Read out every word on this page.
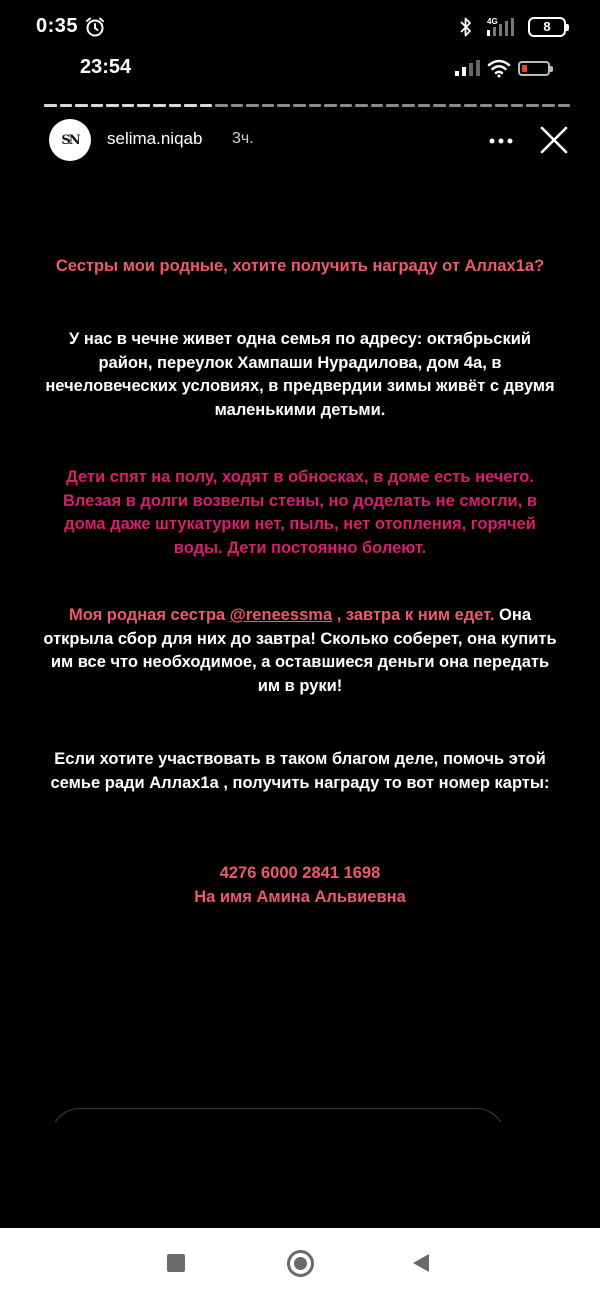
0:35	4G	8
23:54
SN selima.niqab 3ч.

Сестры мои родные, хотите получить награду от Аллах1а?

У нас в чечне живет одна семья по адресу: октябрьский район, переулок Хампаши Нурадилова, дом 4а, в нечеловеческих условиях, в предвердии зимы живёт с двумя маленькими детьми.

Дети спят на полу, ходят в обносках, в доме есть нечего. Влезая в долги возвелы стены, но доделать не смогли, в дома даже штукатурки нет, пыль, нет отопления, горячей воды. Дети постоянно болеют.

Моя родная сестра @reneessma , завтра к ним едет. Она открыла сбор для них до завтра! Сколько соберет, она купить им все что необходимое, а оставшиеся деньги она передать им в руки!

Если хотите участвовать в таком благом деле, помочь этой семье ради Аллах1а , получить награду то вот номер карты:

4276 6000 2841 1698
На имя Амина Альвиевна
